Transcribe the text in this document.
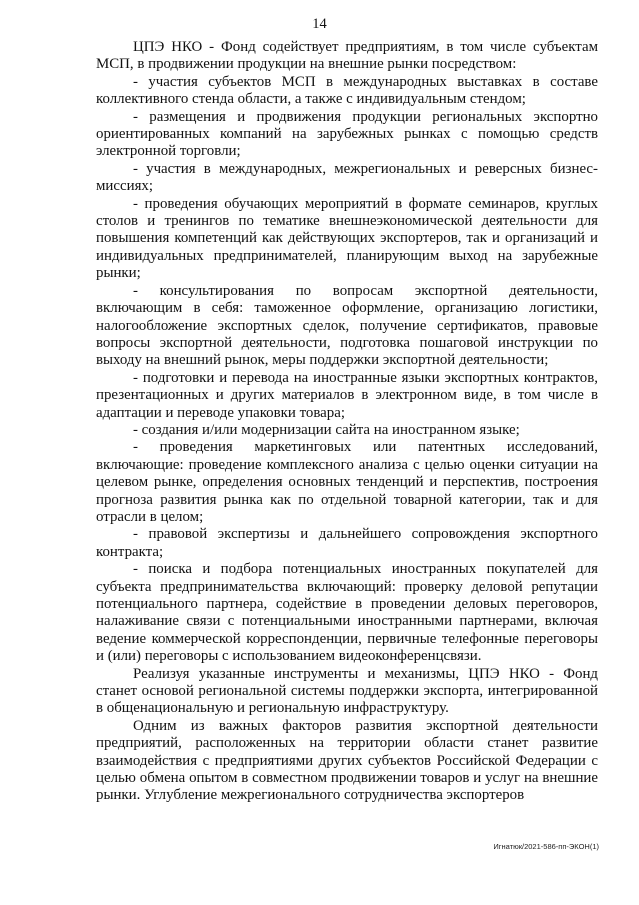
14

ЦПЭ НКО - Фонд содействует предприятиям, в том числе субъектам МСП, в продвижении продукции на внешние рынки посредством:

- участия субъектов МСП в международных выставках в составе коллективного стенда области, а также с индивидуальным стендом;

- размещения и продвижения продукции региональных экспортно ориентированных компаний на зарубежных рынках с помощью средств электронной торговли;

- участия в международных, межрегиональных и реверсных бизнес-миссиях;

- проведения обучающих мероприятий в формате семинаров, круглых столов и тренингов по тематике внешнеэкономической деятельности для повышения компетенций как действующих экспортеров, так и организаций и индивидуальных предпринимателей, планирующим выход на зарубежные рынки;

- консультирования по вопросам экспортной деятельности, включающим в себя: таможенное оформление, организацию логистики, налогообложение экспортных сделок, получение сертификатов, правовые вопросы экспортной деятельности, подготовка пошаговой инструкции по выходу на внешний рынок, меры поддержки экспортной деятельности;

- подготовки и перевода на иностранные языки экспортных контрактов, презентационных и других материалов в электронном виде, в том числе в адаптации и переводе упаковки товара;

- создания и/или модернизации сайта на иностранном языке;

- проведения маркетинговых или патентных исследований, включающие: проведение комплексного анализа с целью оценки ситуации на целевом рынке, определения основных тенденций и перспектив, построения прогноза развития рынка как по отдельной товарной категории, так и для отрасли в целом;

- правовой экспертизы и дальнейшего сопровождения экспортного контракта;

- поиска и подбора потенциальных иностранных покупателей для субъекта предпринимательства включающий: проверку деловой репутации потенциального партнера, содействие в проведении деловых переговоров, налаживание связи с потенциальными иностранными партнерами, включая ведение коммерческой корреспонденции, первичные телефонные переговоры и (или) переговоры с использованием видеоконференцсвязи.

Реализуя указанные инструменты и механизмы, ЦПЭ НКО - Фонд станет основой региональной системы поддержки экспорта, интегрированной в общенациональную и региональную инфраструктуру.

Одним из важных факторов развития экспортной деятельности предприятий, расположенных на территории области станет развитие взаимодействия с предприятиями других субъектов Российской Федерации с целью обмена опытом в совместном продвижении товаров и услуг на внешние рынки. Углубление межрегионального сотрудничества экспортеров

Игнатюк/2021-586-пп-ЭКОН(1)
